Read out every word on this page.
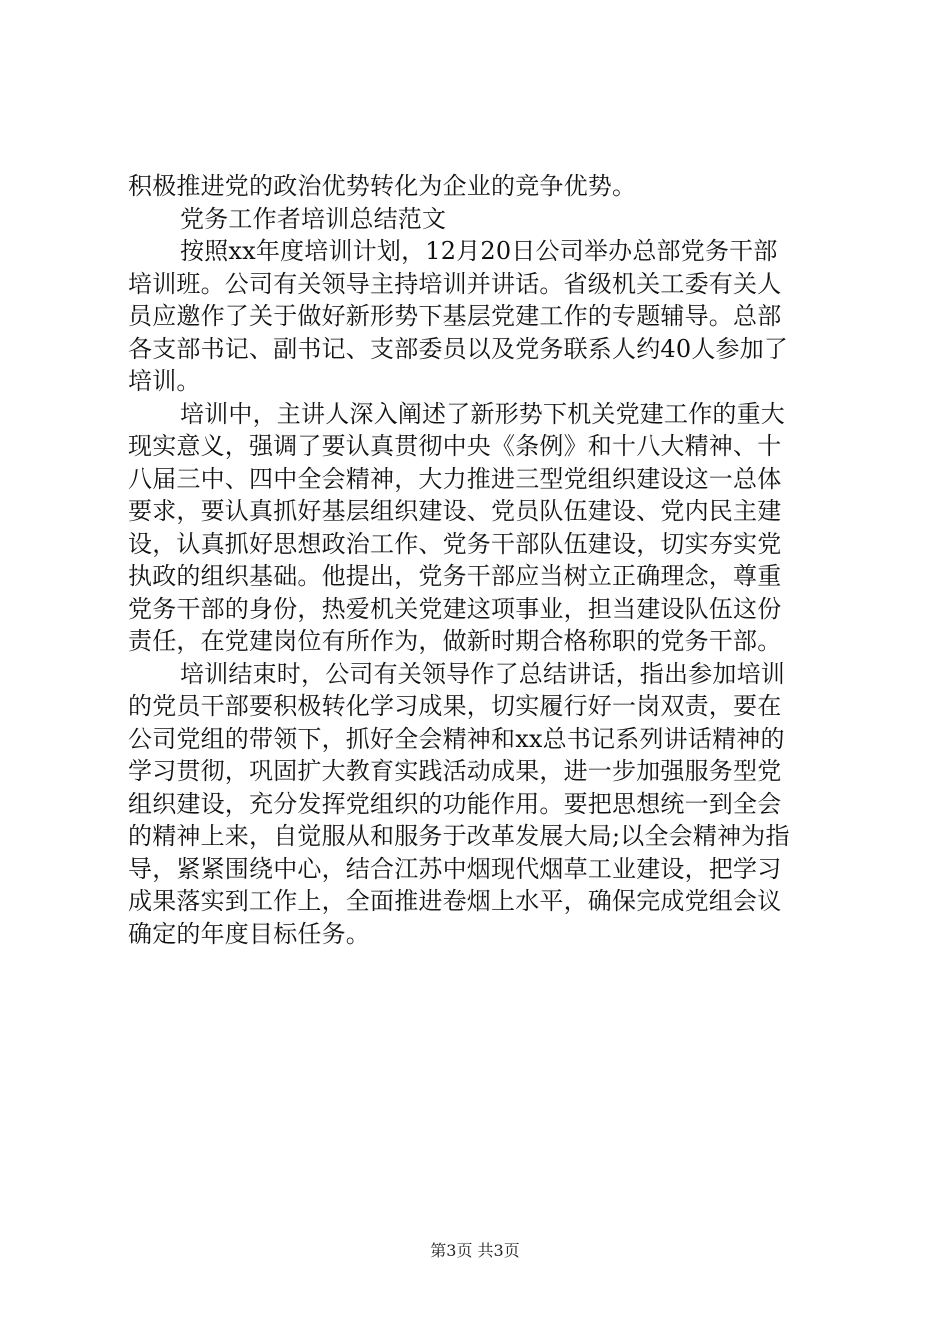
积极推进党的政治优势转化为企业的竞争优势。
党务工作者培训总结范文
按照xx年度培训计划，12月20日公司举办总部党务干部
培训班。公司有关领导主持培训并讲话。省级机关工委有关人
员应邀作了关于做好新形势下基层党建工作的专题辅导。总部
各支部书记、副书记、支部委员以及党务联系人约40人参加了
培训。
培训中，主讲人深入阐述了新形势下机关党建工作的重大
现实意义，强调了要认真贯彻中央《条例》和十八大精神、十
八届三中、四中全会精神，大力推进三型党组织建设这一总体
要求，要认真抓好基层组织建设、党员队伍建设、党内民主建
设，认真抓好思想政治工作、党务干部队伍建设，切实夯实党
执政的组织基础。他提出，党务干部应当树立正确理念，尊重
党务干部的身份，热爱机关党建这项事业，担当建设队伍这份
责任，在党建岗位有所作为，做新时期合格称职的党务干部。
培训结束时，公司有关领导作了总结讲话，指出参加培训
的党员干部要积极转化学习成果，切实履行好一岗双责，要在
公司党组的带领下，抓好全会精神和xx总书记系列讲话精神的
学习贯彻，巩固扩大教育实践活动成果，进一步加强服务型党
组织建设，充分发挥党组织的功能作用。要把思想统一到全会
的精神上来，自觉服从和服务于改革发展大局;以全会精神为指
导，紧紧围绕中心，结合江苏中烟现代烟草工业建设，把学习
成果落实到工作上，全面推进卷烟上水平，确保完成党组会议
确定的年度目标任务。
第3页 共3页
